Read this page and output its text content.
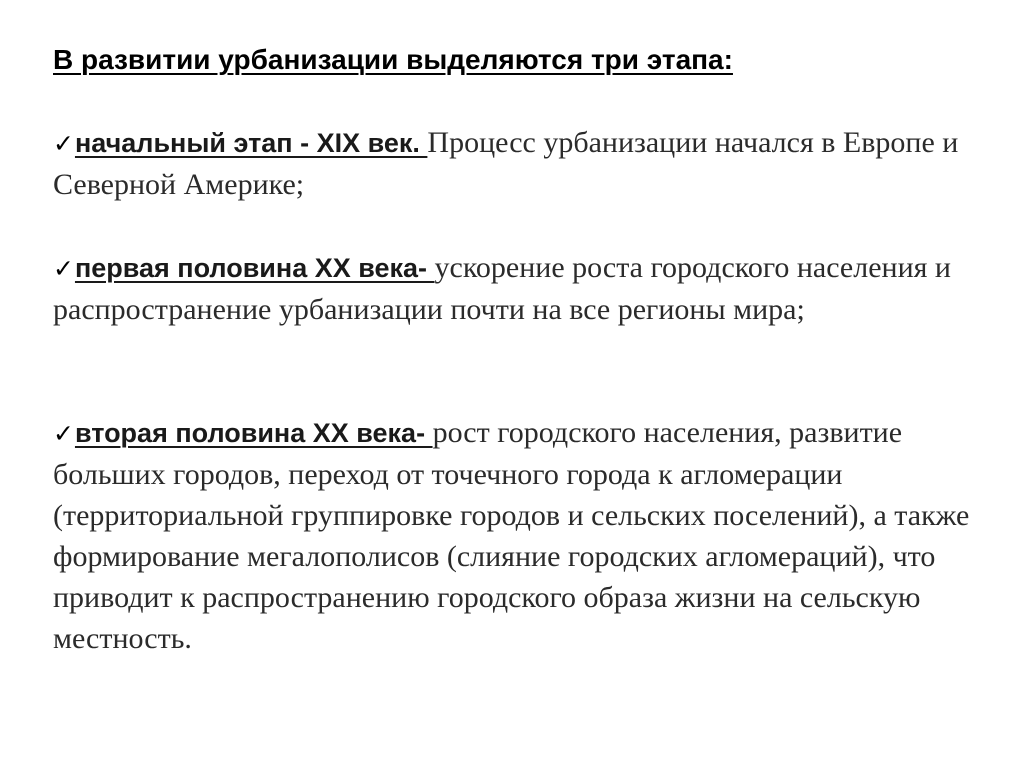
В развитии урбанизации выделяются три этапа:

✓начальный этап - XIX век. Процесс урбанизации начался в Европе и Северной Америке;

✓первая половина XX века- ускорение роста городского населения и распространение урбанизации почти на все регионы мира;

✓вторая половина XX века- рост городского населения, развитие больших городов, переход от точечного города к агломерации (территориальной группировке городов и сельских поселений), а также формирование мегалополисов (слияние городских агломераций), что приводит к распространению городского образа жизни на сельскую местность.
